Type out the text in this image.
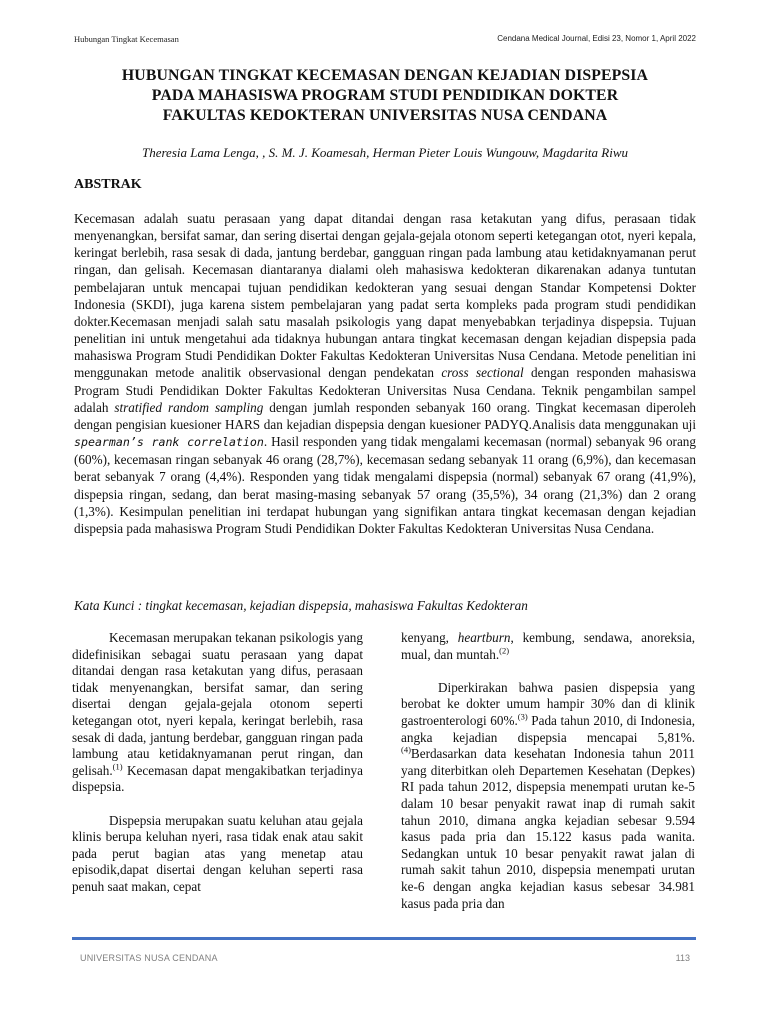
Hubungan Tingkat Kecemasan	Cendana Medical Journal, Edisi 23, Nomor 1, April 2022
HUBUNGAN TINGKAT KECEMASAN DENGAN KEJADIAN DISPEPSIA
PADA MAHASISWA PROGRAM STUDI PENDIDIKAN DOKTER
FAKULTAS KEDOKTERAN UNIVERSITAS NUSA CENDANA
Theresia Lama Lenga, , S. M. J. Koamesah, Herman Pieter Louis Wungouw, Magdarita Riwu
ABSTRAK
Kecemasan adalah suatu perasaan yang dapat ditandai dengan rasa ketakutan yang difus, perasaan tidak menyenangkan, bersifat samar, dan sering disertai dengan gejala-gejala otonom seperti ketegangan otot, nyeri kepala, keringat berlebih, rasa sesak di dada, jantung berdebar, gangguan ringan pada lambung atau ketidaknyamanan perut ringan, dan gelisah. Kecemasan diantaranya dialami oleh mahasiswa kedokteran dikarenakan adanya tuntutan pembelajaran untuk mencapai tujuan pendidikan kedokteran yang sesuai dengan Standar Kompetensi Dokter Indonesia (SKDI), juga karena sistem pembelajaran yang padat serta kompleks pada program studi pendidikan dokter.Kecemasan menjadi salah satu masalah psikologis yang dapat menyebabkan terjadinya dispepsia. Tujuan penelitian ini untuk mengetahui ada tidaknya hubungan antara tingkat kecemasan dengan kejadian dispepsia pada mahasiswa Program Studi Pendidikan Dokter Fakultas Kedokteran Universitas Nusa Cendana. Metode penelitian ini menggunakan metode analitik observasional dengan pendekatan cross sectional dengan responden mahasiswa Program Studi Pendidikan Dokter Fakultas Kedokteran Universitas Nusa Cendana. Teknik pengambilan sampel adalah stratified random sampling dengan jumlah responden sebanyak 160 orang. Tingkat kecemasan diperoleh dengan pengisian kuesioner HARS dan kejadian dispepsia dengan kuesioner PADYQ.Analisis data menggunakan uji spearman’s rank correlation. Hasil responden yang tidak mengalami kecemasan (normal) sebanyak 96 orang (60%), kecemasan ringan sebanyak 46 orang (28,7%), kecemasan sedang sebanyak 11 orang (6,9%), dan kecemasan berat sebanyak 7 orang (4,4%). Responden yang tidak mengalami dispepsia (normal) sebanyak 67 orang (41,9%), dispepsia ringan, sedang, dan berat masing-masing sebanyak 57 orang (35,5%), 34 orang (21,3%) dan 2 orang (1,3%). Kesimpulan penelitian ini terdapat hubungan yang signifikan antara tingkat kecemasan dengan kejadian dispepsia pada mahasiswa Program Studi Pendidikan Dokter Fakultas Kedokteran Universitas Nusa Cendana.
Kata Kunci : tingkat kecemasan, kejadian dispepsia, mahasiswa Fakultas Kedokteran

Kecemasan merupakan tekanan psikologis yang didefinisikan sebagai suatu perasaan yang dapat ditandai dengan rasa ketakutan yang difus, perasaan tidak menyenangkan, bersifat samar, dan sering disertai dengan gejala-gejala otonom seperti ketegangan otot, nyeri kepala, keringat berlebih, rasa sesak di dada, jantung berdebar, gangguan ringan pada lambung atau ketidaknyamanan perut ringan, dan gelisah.$^{(1)}$ Kecemasan dapat mengakibatkan terjadinya dispepsia.

Dispepsia merupakan suatu keluhan atau gejala klinis berupa keluhan nyeri, rasa tidak enak atau sakit pada perut bagian atas yang menetap atau episodik,dapat disertai dengan keluhan seperti rasa penuh saat makan, cepat

kenyang, heartburn, kembung, sendawa, anoreksia, mual, dan muntah.$^{(2)}$

Diperkirakan bahwa pasien dispepsia yang berobat ke dokter umum hampir 30% dan di klinik gastroenterologi 60%.$^{(3)}$ Pada tahun 2010, di Indonesia, angka kejadian dispepsia mencapai 5,81%.$^{(4)}$Berdasarkan data kesehatan Indonesia tahun 2011 yang diterbitkan oleh Departemen Kesehatan (Depkes) RI pada tahun 2012, dispepsia menempati urutan ke-5 dalam 10 besar penyakit rawat inap di rumah sakit tahun 2010, dimana angka kejadian sebesar 9.594 kasus pada pria dan 15.122 kasus pada wanita. Sedangkan untuk 10 besar penyakit rawat jalan di rumah sakit tahun 2010, dispepsia menempati urutan ke-6 dengan angka kejadian kasus sebesar 34.981 kasus pada pria dan

UNIVERSITAS NUSA CENDANA	113
